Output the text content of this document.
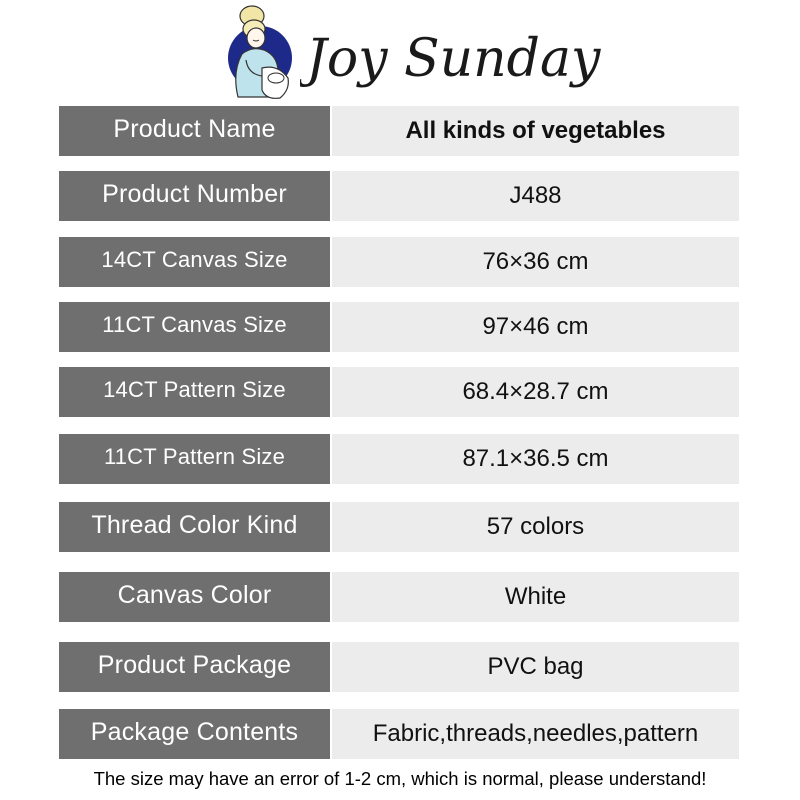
Joy Sunday
Product Name	All kinds of vegetables
Product Number	J488
14CT Canvas Size	76×36 cm
11CT Canvas Size	97×46 cm
14CT Pattern Size	68.4×28.7 cm
11CT Pattern Size	87.1×36.5 cm
Thread Color Kind	57 colors
Canvas Color	White
Product Package	PVC bag
Package Contents	Fabric,threads,needles,pattern
The size may have an error of 1-2 cm, which is normal, please understand!
